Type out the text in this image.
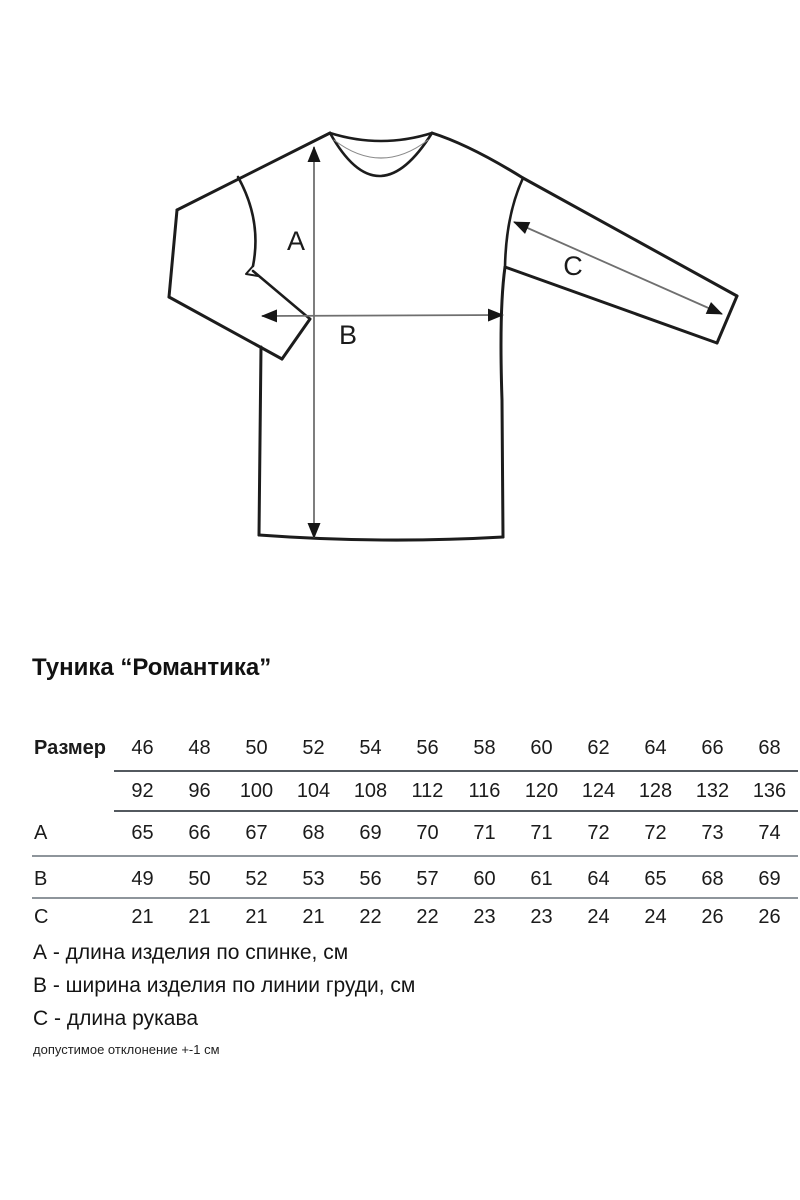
A
B
C
Туника “Романтика”
Размер	46	48	50	52	54	56	58	60	62	64	66	68
	92	96	100	104	108	112	116	120	124	128	132	136
A	65	66	67	68	69	70	71	71	72	72	73	74
B	49	50	52	53	56	57	60	61	64	65	68	69
C	21	21	21	21	22	22	23	23	24	24	26	26
А - длина изделия по спинке, см
В - ширина изделия по линии груди, см
С - длина рукава
допустимое отклонение +-1 см
